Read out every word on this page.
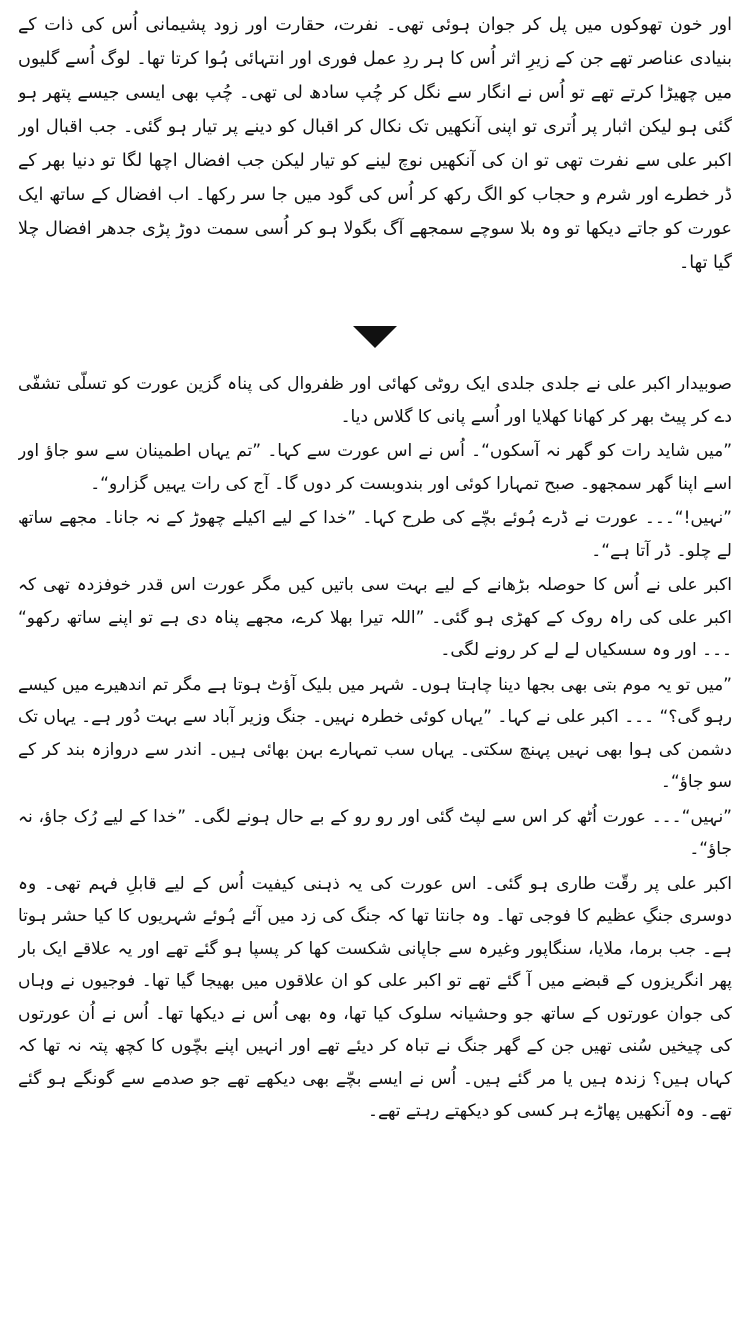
اور خون تھوکوں میں پل کر جوان ہوئی تھی۔ نفرت، حقارت اور زود پشیمانی اُس کی ذات کے بنیادی عناصر تھے جن کے زیرِ اثر اُس کا ہر ردِ عمل فوری اور انتہائی ہُوا کرتا تھا۔ لوگ اُسے گلیوں میں چھیڑا کرتے تھے تو اُس نے انگار سے نگل کر چُپ سادھ لی تھی۔ چُپ بھی ایسی جیسے پتھر ہو گئی ہو لیکن اثبار پر اُتری تو اپنی آنکھیں تک نکال کر اقبال کو دینے پر تیار ہو گئی۔ جب اقبال اور اکبر علی سے نفرت تھی تو ان کی آنکھیں نوچ لینے کو تیار لیکن جب افضال اچھا لگا تو دنیا بھر کے ڈر خطرے اور شرم و حجاب کو الگ رکھ کر اُس کی گود میں جا سر رکھا۔ اب افضال کے ساتھ ایک عورت کو جاتے دیکھا تو وہ بلا سوچے سمجھے آگ بگولا ہو کر اُسی سمت دوڑ پڑی جدھر افضال چلا گیا تھا۔

صوبیدار اکبر علی نے جلدی جلدی ایک روٹی کھائی اور ظفروال کی پناہ گزین عورت کو تسلّی تشفّی دے کر پیٹ بھر کر کھانا کھلایا اور اُسے پانی کا گلاس دیا۔

”میں شاید رات کو گھر نہ آسکوں“۔ اُس نے اس عورت سے کہا۔ ”تم یہاں اطمینان سے سو جاؤ اور اسے اپنا گھر سمجھو۔ صبح تمہارا کوئی اور بندوبست کر دوں گا۔ آج کی رات یہیں گزارو“۔

”نہیں!“۔۔۔ عورت نے ڈرے ہُوئے بچّے کی طرح کہا۔ ”خدا کے لیے اکیلے چھوڑ کے نہ جانا۔ مجھے ساتھ لے چلو۔ ڈر آتا ہے“۔

اکبر علی نے اُس کا حوصلہ بڑھانے کے لیے بہت سی باتیں کیں مگر عورت اس قدر خوفزدہ تھی کہ اکبر علی کی راہ روک کے کھڑی ہو گئی۔ ”اللہ تیرا بھلا کرے، مجھے پناہ دی ہے تو اپنے ساتھ رکھو“ ۔۔۔ اور وہ سسکیاں لے لے کر رونے لگی۔

”میں تو یہ موم بتی بھی بجھا دینا چاہتا ہوں۔ شہر میں بلیک آؤٹ ہوتا ہے مگر تم اندھیرے میں کیسے رہو گی؟“ ۔۔۔ اکبر علی نے کہا۔ ”یہاں کوئی خطرہ نہیں۔ جنگ وزیر آباد سے بہت دُور ہے۔ یہاں تک دشمن کی ہوا بھی نہیں پہنچ سکتی۔ یہاں سب تمہارے بہن بھائی ہیں۔ اندر سے دروازہ بند کر کے سو جاؤ“۔

”نہیں“۔۔۔ عورت اُٹھ کر اس سے لپٹ گئی اور رو رو کے بے حال ہونے لگی۔ ”خدا کے لیے رُک جاؤ، نہ جاؤ“۔

اکبر علی پر رقّت طاری ہو گئی۔ اس عورت کی یہ ذہنی کیفیت اُس کے لیے قابلِ فہم تھی۔ وہ دوسری جنگِ عظیم کا فوجی تھا۔ وہ جانتا تھا کہ جنگ کی زد میں آئے ہُوئے شہریوں کا کیا حشر ہوتا ہے۔ جب برما، ملایا، سنگاپور وغیرہ سے جاپانی شکست کھا کر پسپا ہو گئے تھے اور یہ علاقے ایک بار پھر انگریزوں کے قبضے میں آ گئے تھے تو اکبر علی کو ان علاقوں میں بھیجا گیا تھا۔ فوجیوں نے وہاں کی جوان عورتوں کے ساتھ جو وحشیانہ سلوک کیا تھا، وہ بھی اُس نے دیکھا تھا۔ اُس نے اُن عورتوں کی چیخیں سُنی تھیں جن کے گھر جنگ نے تباہ کر دیئے تھے اور انہیں اپنے بچّوں کا کچھ پتہ نہ تھا کہ کہاں ہیں؟ زندہ ہیں یا مر گئے ہیں۔ اُس نے ایسے بچّے بھی دیکھے تھے جو صدمے سے گونگے ہو گئے تھے۔ وہ آنکھیں پھاڑے ہر کسی کو دیکھتے رہتے تھے۔
